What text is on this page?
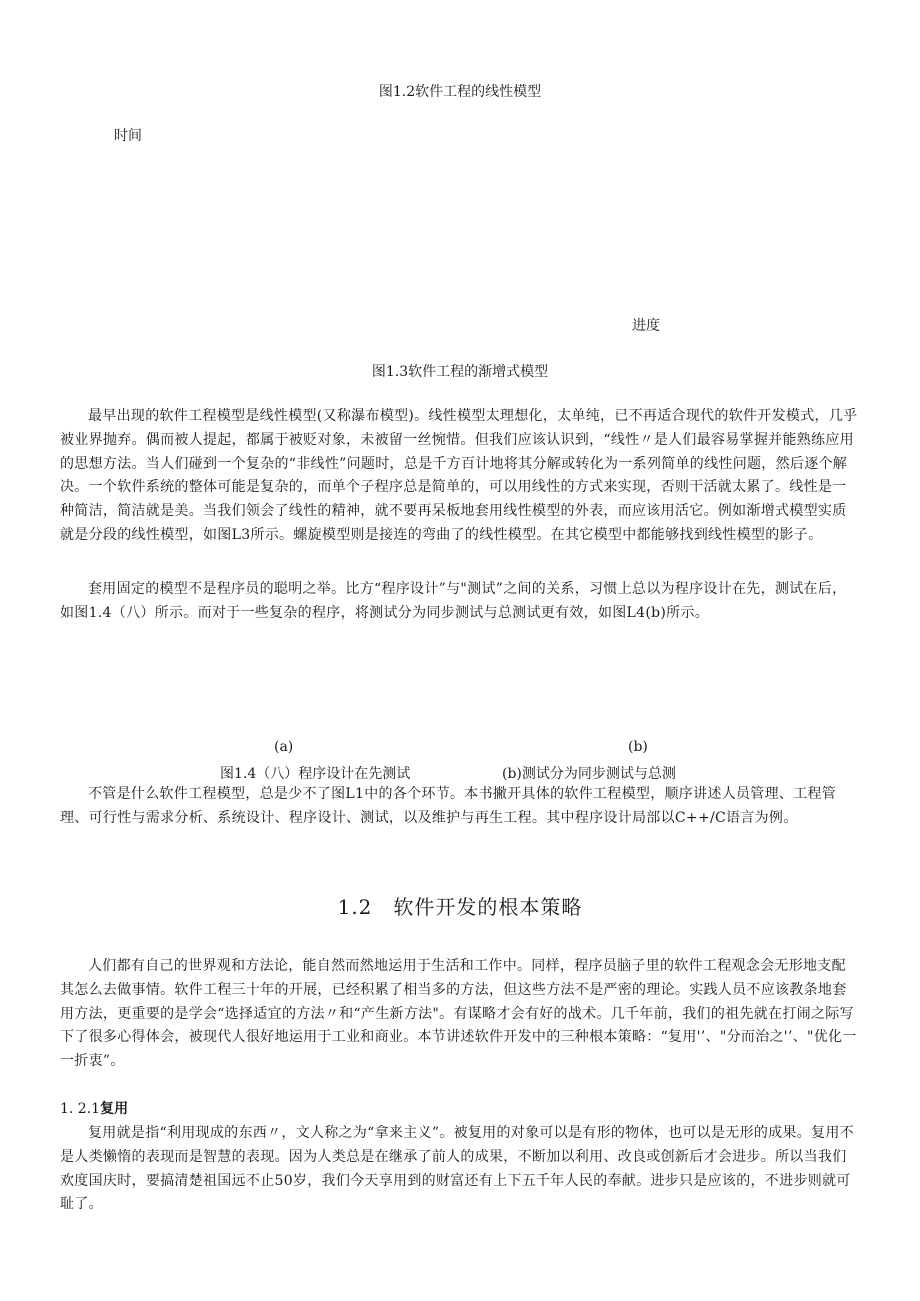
图1.2软件工程的线性模型
时间
进度
图1.3软件工程的渐增式模型
最早出现的软件工程模型是线性模型(又称瀑布模型)。线性模型太理想化，太单纯，已不再适合现代的软件开发模式，几乎被业界抛弃。偶而被人提起，都属于被贬对象，未被留一丝惋惜。但我们应该认识到，“线性〃是人们最容易掌握并能熟练应用的思想方法。当人们碰到一个复杂的“非线性”问题时，总是千方百计地将其分解或转化为一系列简单的线性问题，然后逐个解决。一个软件系统的整体可能是复杂的，而单个子程序总是简单的，可以用线性的方式来实现，否则干活就太累了。线性是一种简洁，简洁就是美。当我们领会了线性的精神，就不要再呆板地套用线性模型的外表，而应该用活它。例如渐增式模型实质就是分段的线性模型，如图L3所示。螺旋模型则是接连的弯曲了的线性模型。在其它模型中都能够找到线性模型的影子。
套用固定的模型不是程序员的聪明之举。比方“程序设计”与"测试”之间的关系，习惯上总以为程序设计在先，测试在后，如图1.4（八）所示。而对于一些复杂的程序，将测试分为同步测试与总测试更有效，如图L4(b)所示。
(a)	(b)
图1.4（八）程序设计在先测试	(b)测试分为同步测试与总测
不管是什么软件工程模型，总是少不了图L1中的各个环节。本书撇开具体的软件工程模型，顺序讲述人员管理、工程管理、可行性与需求分析、系统设计、程序设计、测试，以及维护与再生工程。其中程序设计局部以C++/C语言为例。
1.2　软件开发的根本策略
人们都有自己的世界观和方法论，能自然而然地运用于生活和工作中。同样，程序员脑子里的软件工程观念会无形地支配其怎么去做事情。软件工程三十年的开展，已经积累了相当多的方法，但这些方法不是严密的理论。实践人员不应该教条地套用方法，更重要的是学会“选择适宜的方法〃和“产生新方法"。有谋略才会有好的战术。几千年前，我们的祖先就在打闹之际写下了很多心得体会，被现代人很好地运用于工业和商业。本节讲述软件开发中的三种根本策略：“复用'’、"分而治之'’、"优化一一折衷”。
1. 2.1复用
复用就是指“利用现成的东西〃，文人称之为“拿来主义”。被复用的对象可以是有形的物体，也可以是无形的成果。复用不是人类懒惰的表现而是智慧的表现。因为人类总是在继承了前人的成果，不断加以利用、改良或创新后才会进步。所以当我们欢度国庆时，要搞清楚祖国远不止50岁，我们今天享用到的财富还有上下五千年人民的奉献。进步只是应该的，不进步则就可耻了。
